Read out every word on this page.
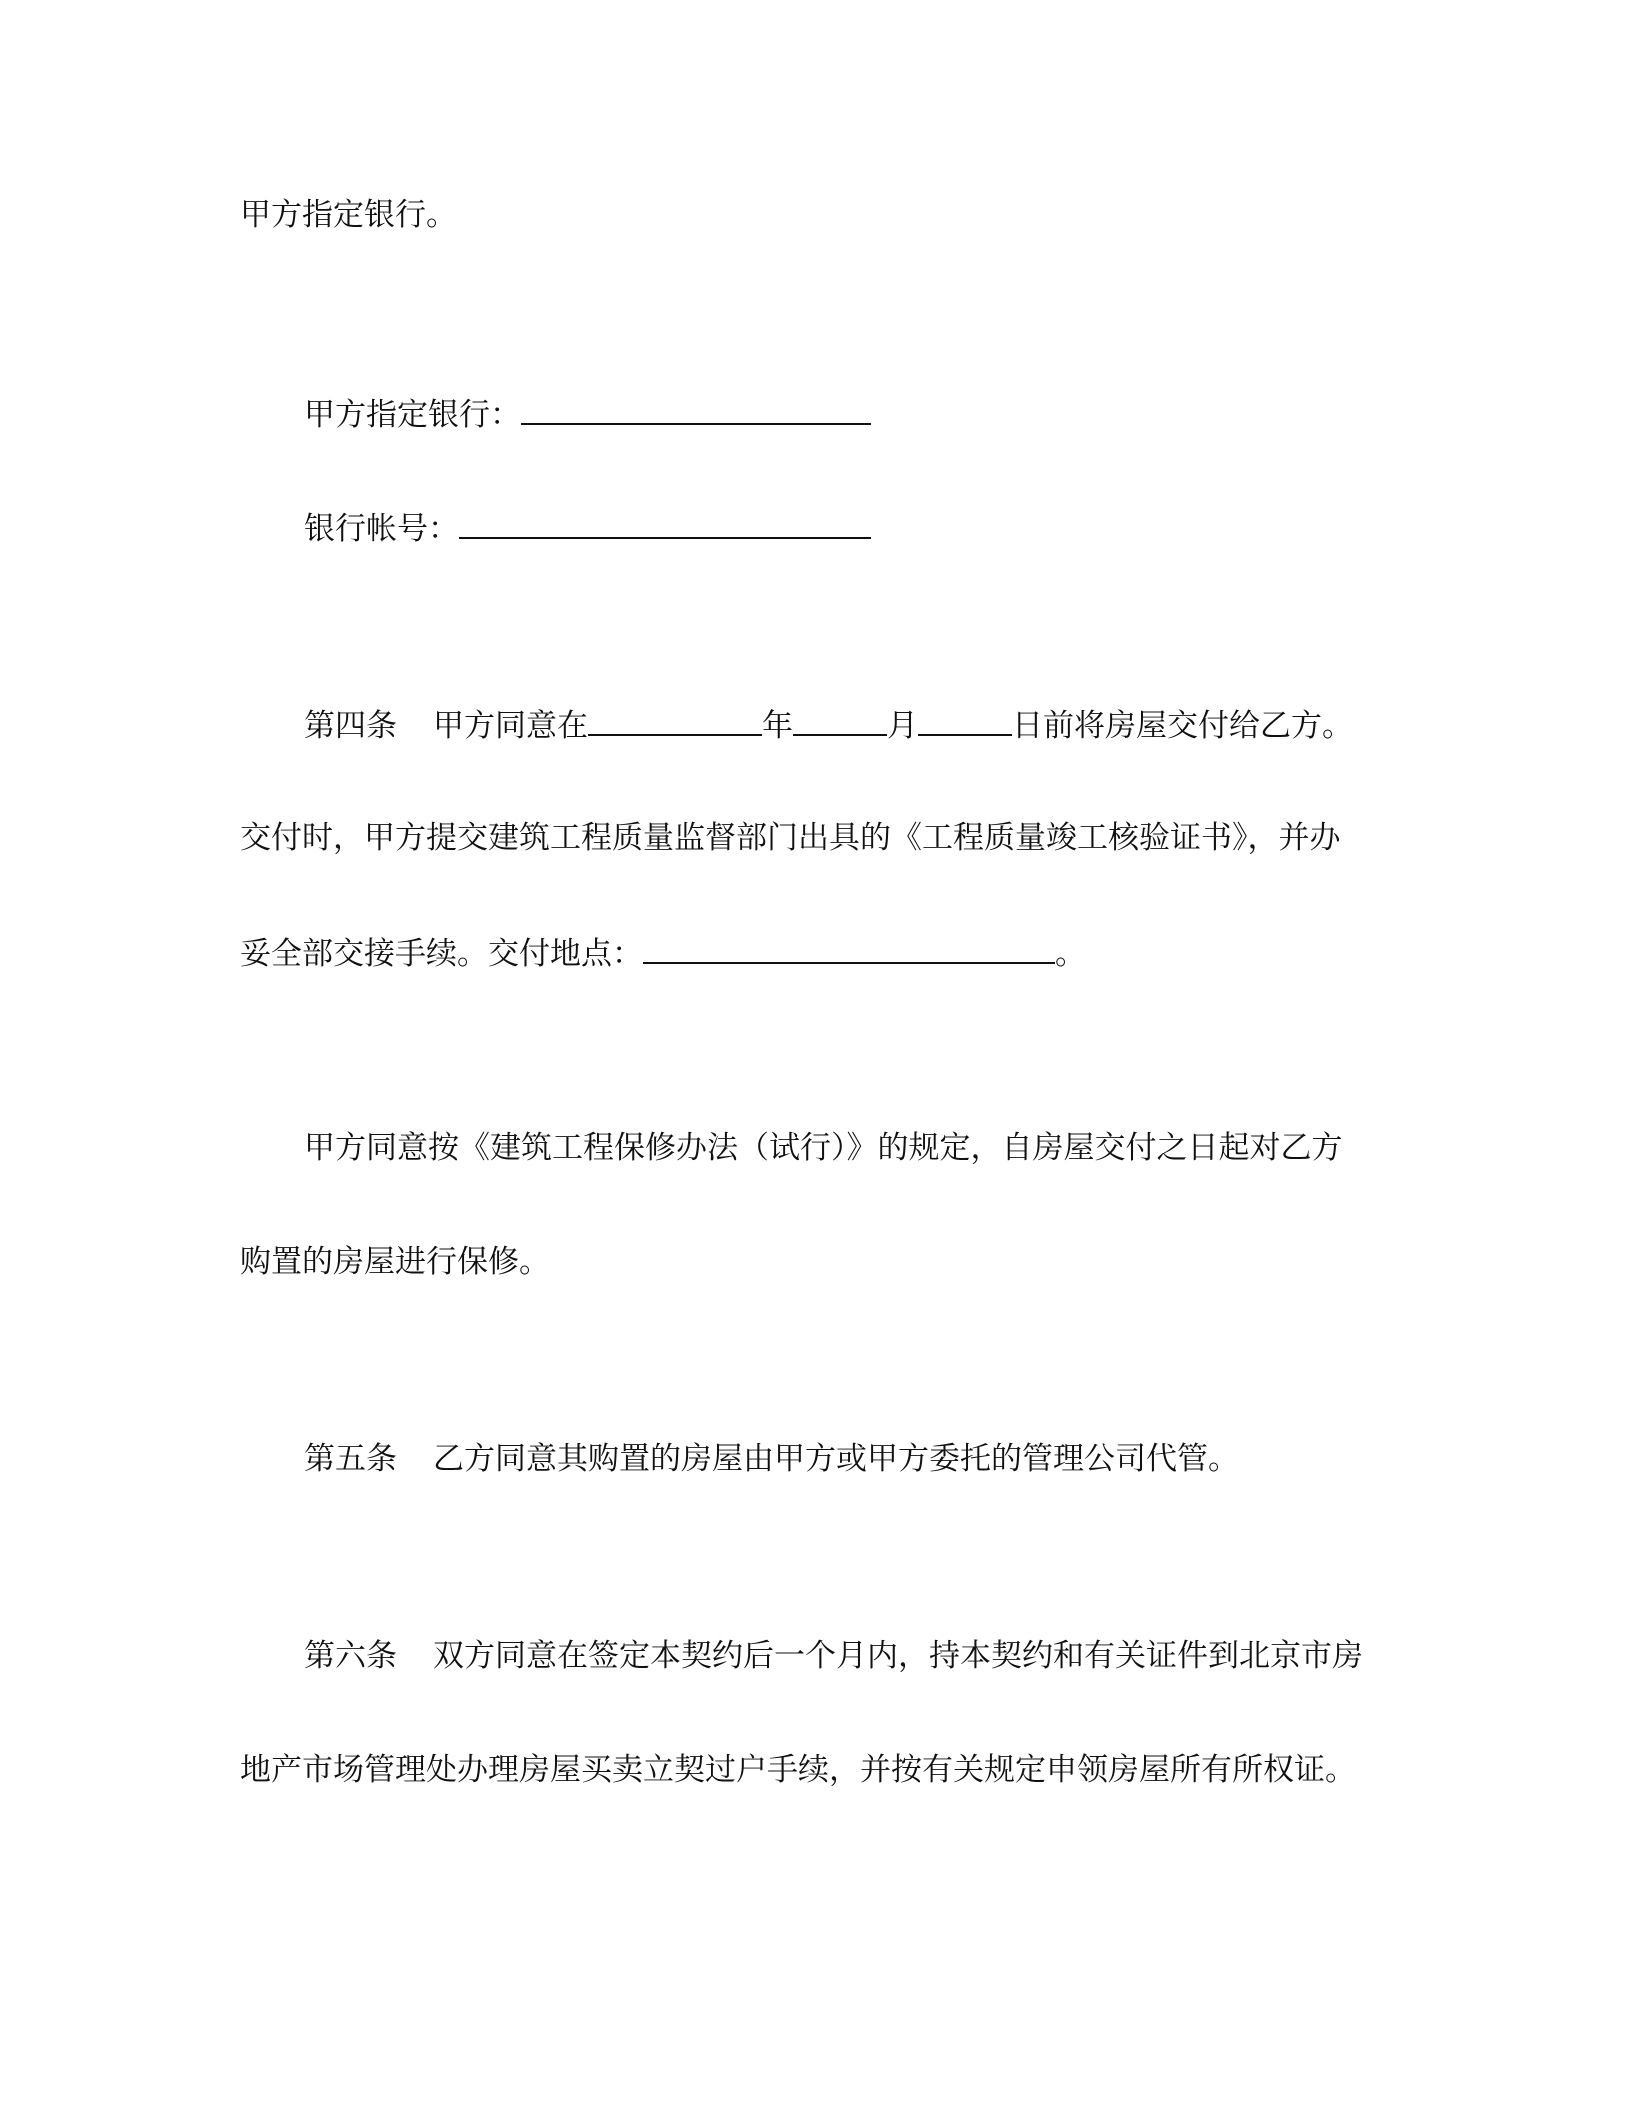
甲方指定银行。
甲方指定银行：
银行帐号：
第四条 甲方同意在	年	月	日前将房屋交付给乙方。
交付时，甲方提交建筑工程质量监督部门出具的《工程质量竣工核验证书》，并办
妥全部交接手续。交付地点：	。
甲方同意按《建筑工程保修办法（试行）》的规定，自房屋交付之日起对乙方
购置的房屋进行保修。
第五条 乙方同意其购置的房屋由甲方或甲方委托的管理公司代管。
第六条 双方同意在签定本契约后一个月内，持本契约和有关证件到北京市房
地产市场管理处办理房屋买卖立契过户手续，并按有关规定申领房屋所有所权证。
